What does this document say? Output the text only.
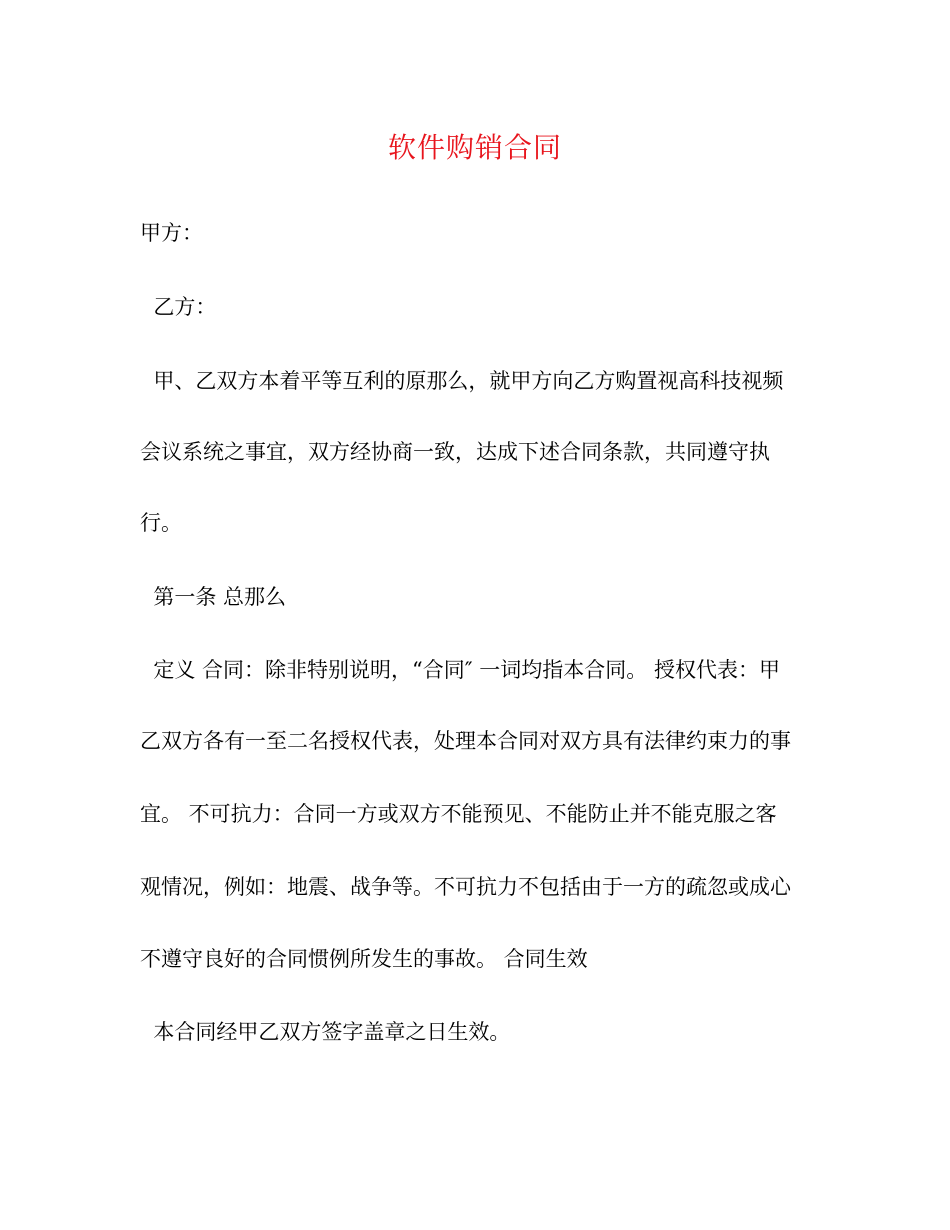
软件购销合同
甲方：
乙方：
甲、乙双方本着平等互利的原那么，就甲方向乙方购置视高科技视频
会议系统之事宜，双方经协商一致，达成下述合同条款，共同遵守执
行。
第一条 总那么
定义 合同：除非特别说明，“合同″ 一词均指本合同。 授权代表：甲
乙双方各有一至二名授权代表，处理本合同对双方具有法律约束力的事
宜。 不可抗力：合同一方或双方不能预见、不能防止并不能克服之客
观情况，例如：地震、战争等。不可抗力不包括由于一方的疏忽或成心
不遵守良好的合同惯例所发生的事故。 合同生效
本合同经甲乙双方签字盖章之日生效。
